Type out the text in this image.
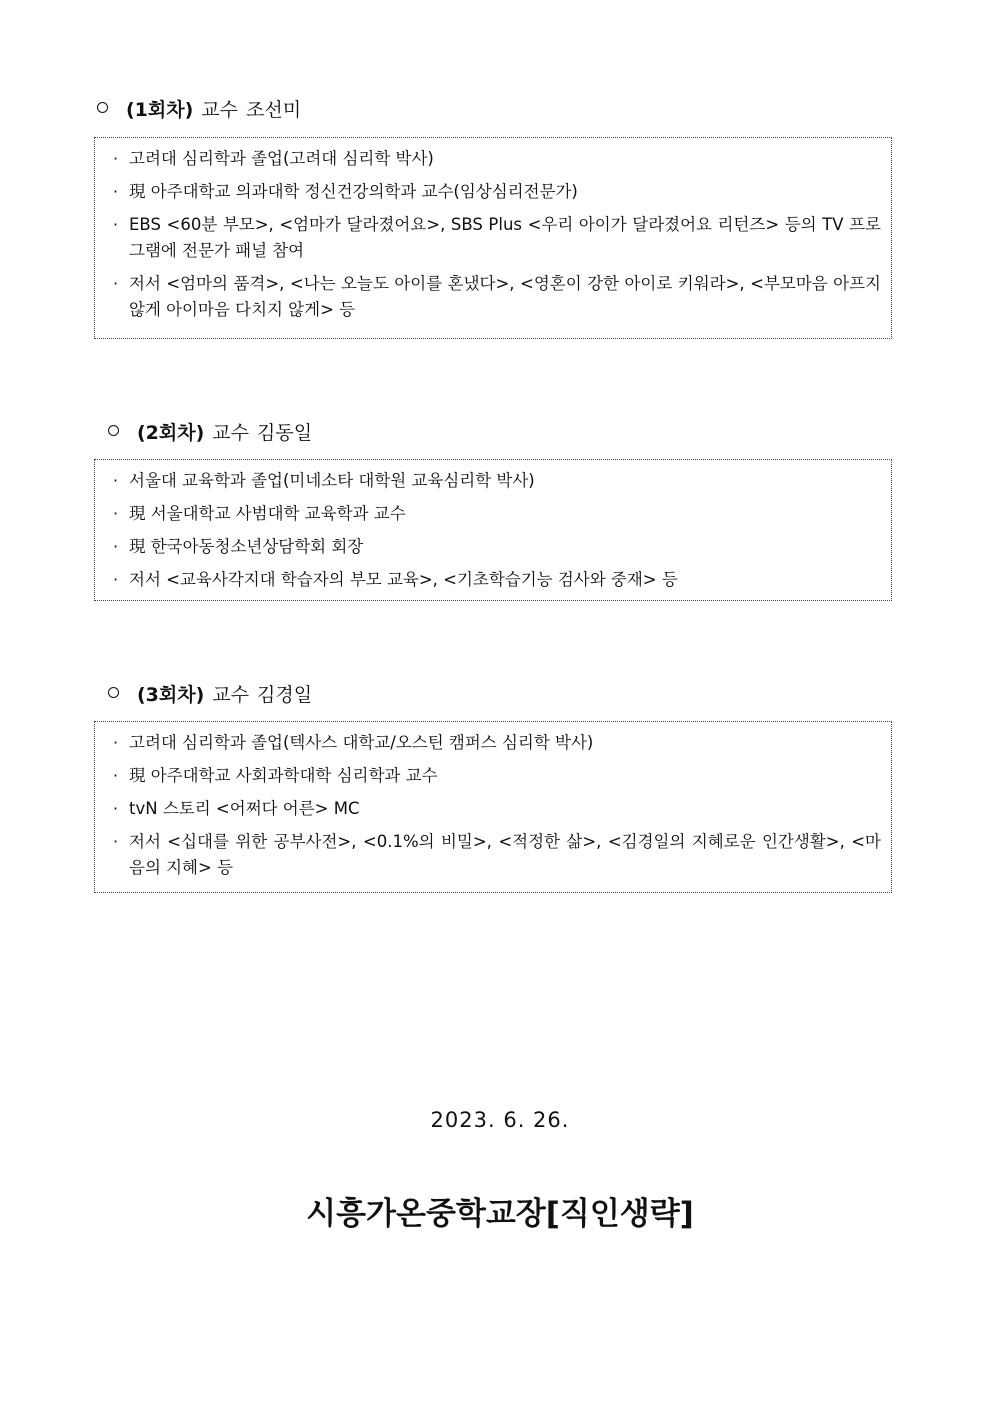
(1회차) 교수 조선미
· 고려대 심리학과 졸업(고려대 심리학 박사)
· 現 아주대학교 의과대학 정신건강의학과 교수(임상심리전문가)
· EBS <60분 부모>, <엄마가 달라졌어요>, SBS Plus <우리 아이가 달라졌어요 리턴즈> 등의 TV 프로그램에 전문가 패널 참여
· 저서 <엄마의 품격>, <나는 오늘도 아이를 혼냈다>, <영혼이 강한 아이로 키워라>, <부모마음 아프지 않게 아이마음 다치지 않게> 등
(2회차) 교수 김동일
· 서울대 교육학과 졸업(미네소타 대학원 교육심리학 박사)
· 現 서울대학교 사범대학 교육학과 교수
· 現 한국아동청소년상담학회 회장
· 저서 <교육사각지대 학습자의 부모 교육>, <기초학습기능 검사와 중재> 등
(3회차) 교수 김경일
· 고려대 심리학과 졸업(텍사스 대학교/오스틴 캠퍼스 심리학 박사)
· 現 아주대학교 사회과학대학 심리학과 교수
· tvN 스토리 <어쩌다 어른> MC
· 저서 <십대를 위한 공부사전>, <0.1%의 비밀>, <적정한 삶>, <김경일의 지혜로운 인간생활>, <마음의 지혜> 등
2023. 6. 26.
시흥가온중학교장[직인생략]
